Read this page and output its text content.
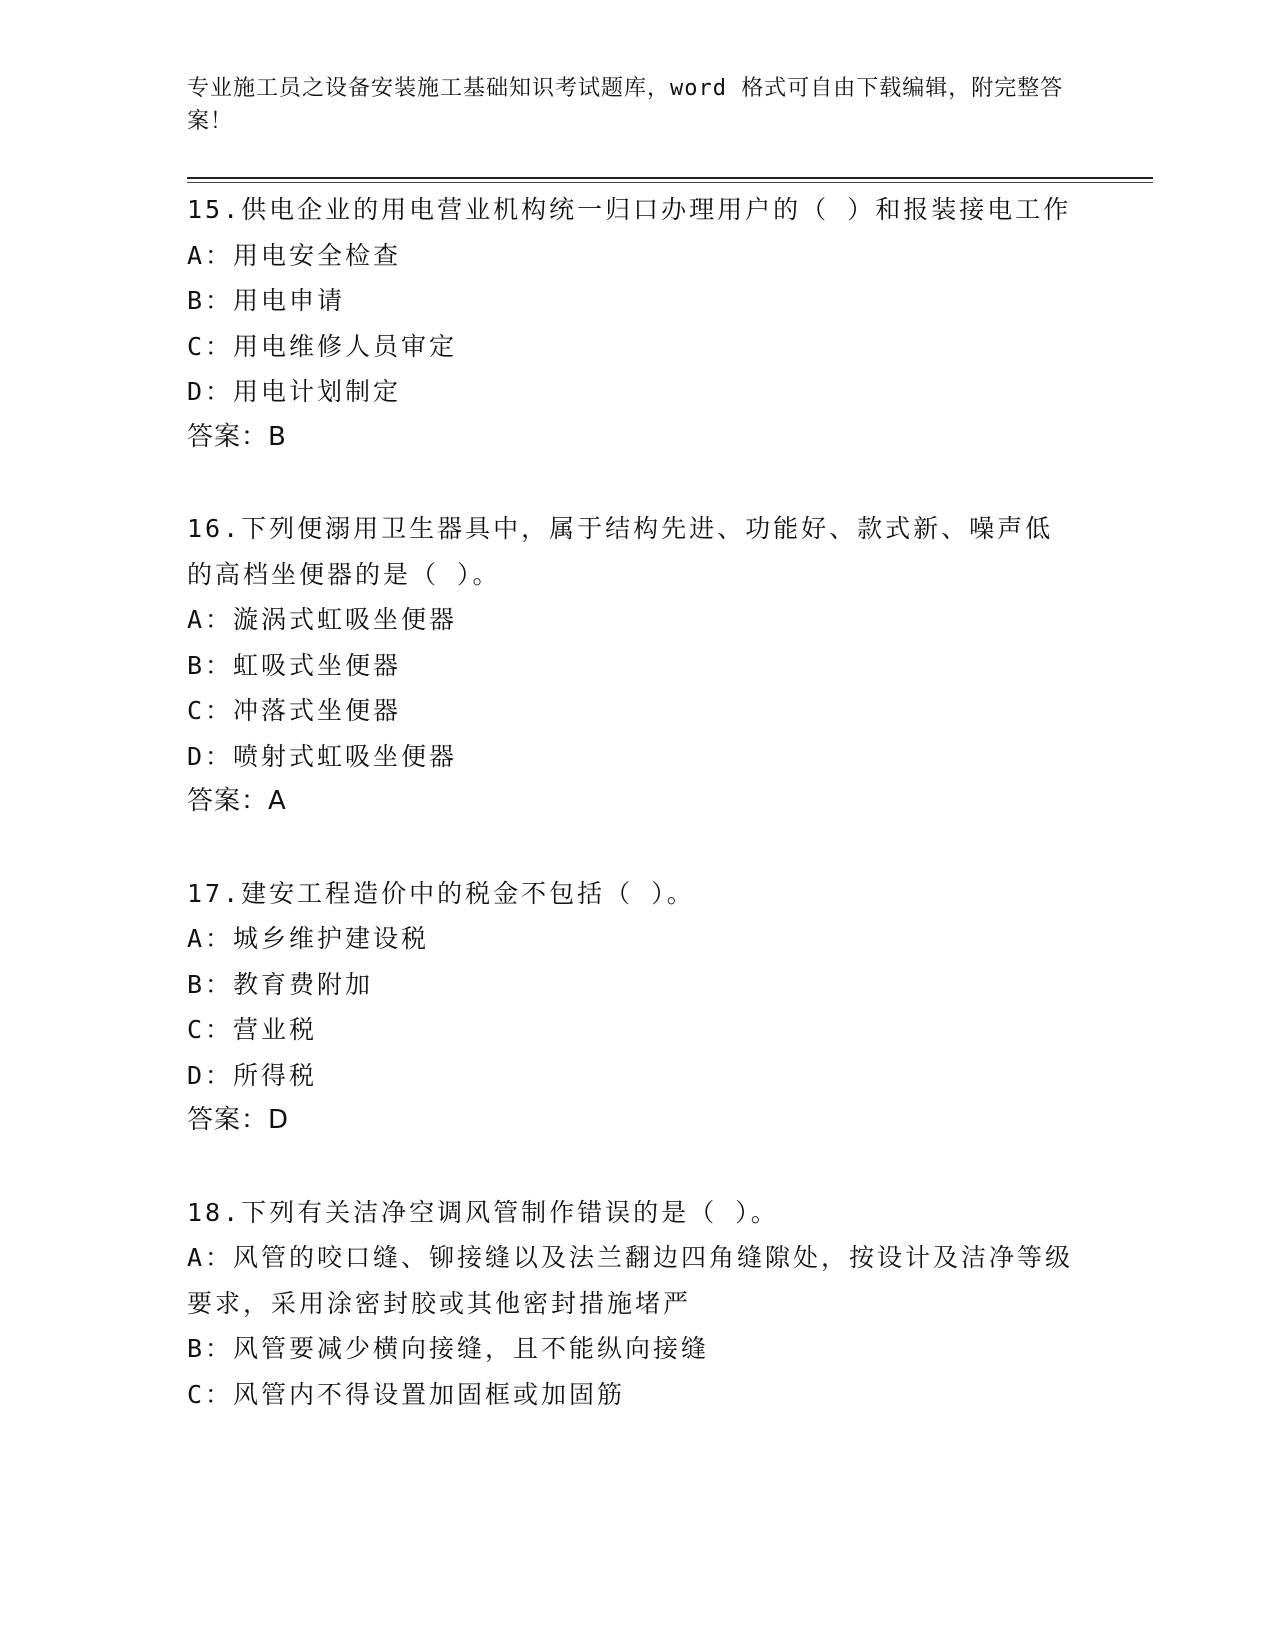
专业施工员之设备安装施工基础知识考试题库，word 格式可自由下载编辑，附完整答案！
15.供电企业的用电营业机构统一归口办理用户的（ ）和报装接电工作
A：用电安全检查
B：用电申请
C：用电维修人员审定
D：用电计划制定
答案：B
16.下列便溺用卫生器具中，属于结构先进、功能好、款式新、噪声低的高档坐便器的是（ ）。
A：漩涡式虹吸坐便器
B：虹吸式坐便器
C：冲落式坐便器
D：喷射式虹吸坐便器
答案：A
17.建安工程造价中的税金不包括（ ）。
A：城乡维护建设税
B：教育费附加
C：营业税
D：所得税
答案：D
18.下列有关洁净空调风管制作错误的是（ ）。
A：风管的咬口缝、铆接缝以及法兰翻边四角缝隙处，按设计及洁净等级要求，采用涂密封胶或其他密封措施堵严
B：风管要减少横向接缝，且不能纵向接缝
C：风管内不得设置加固框或加固筋
